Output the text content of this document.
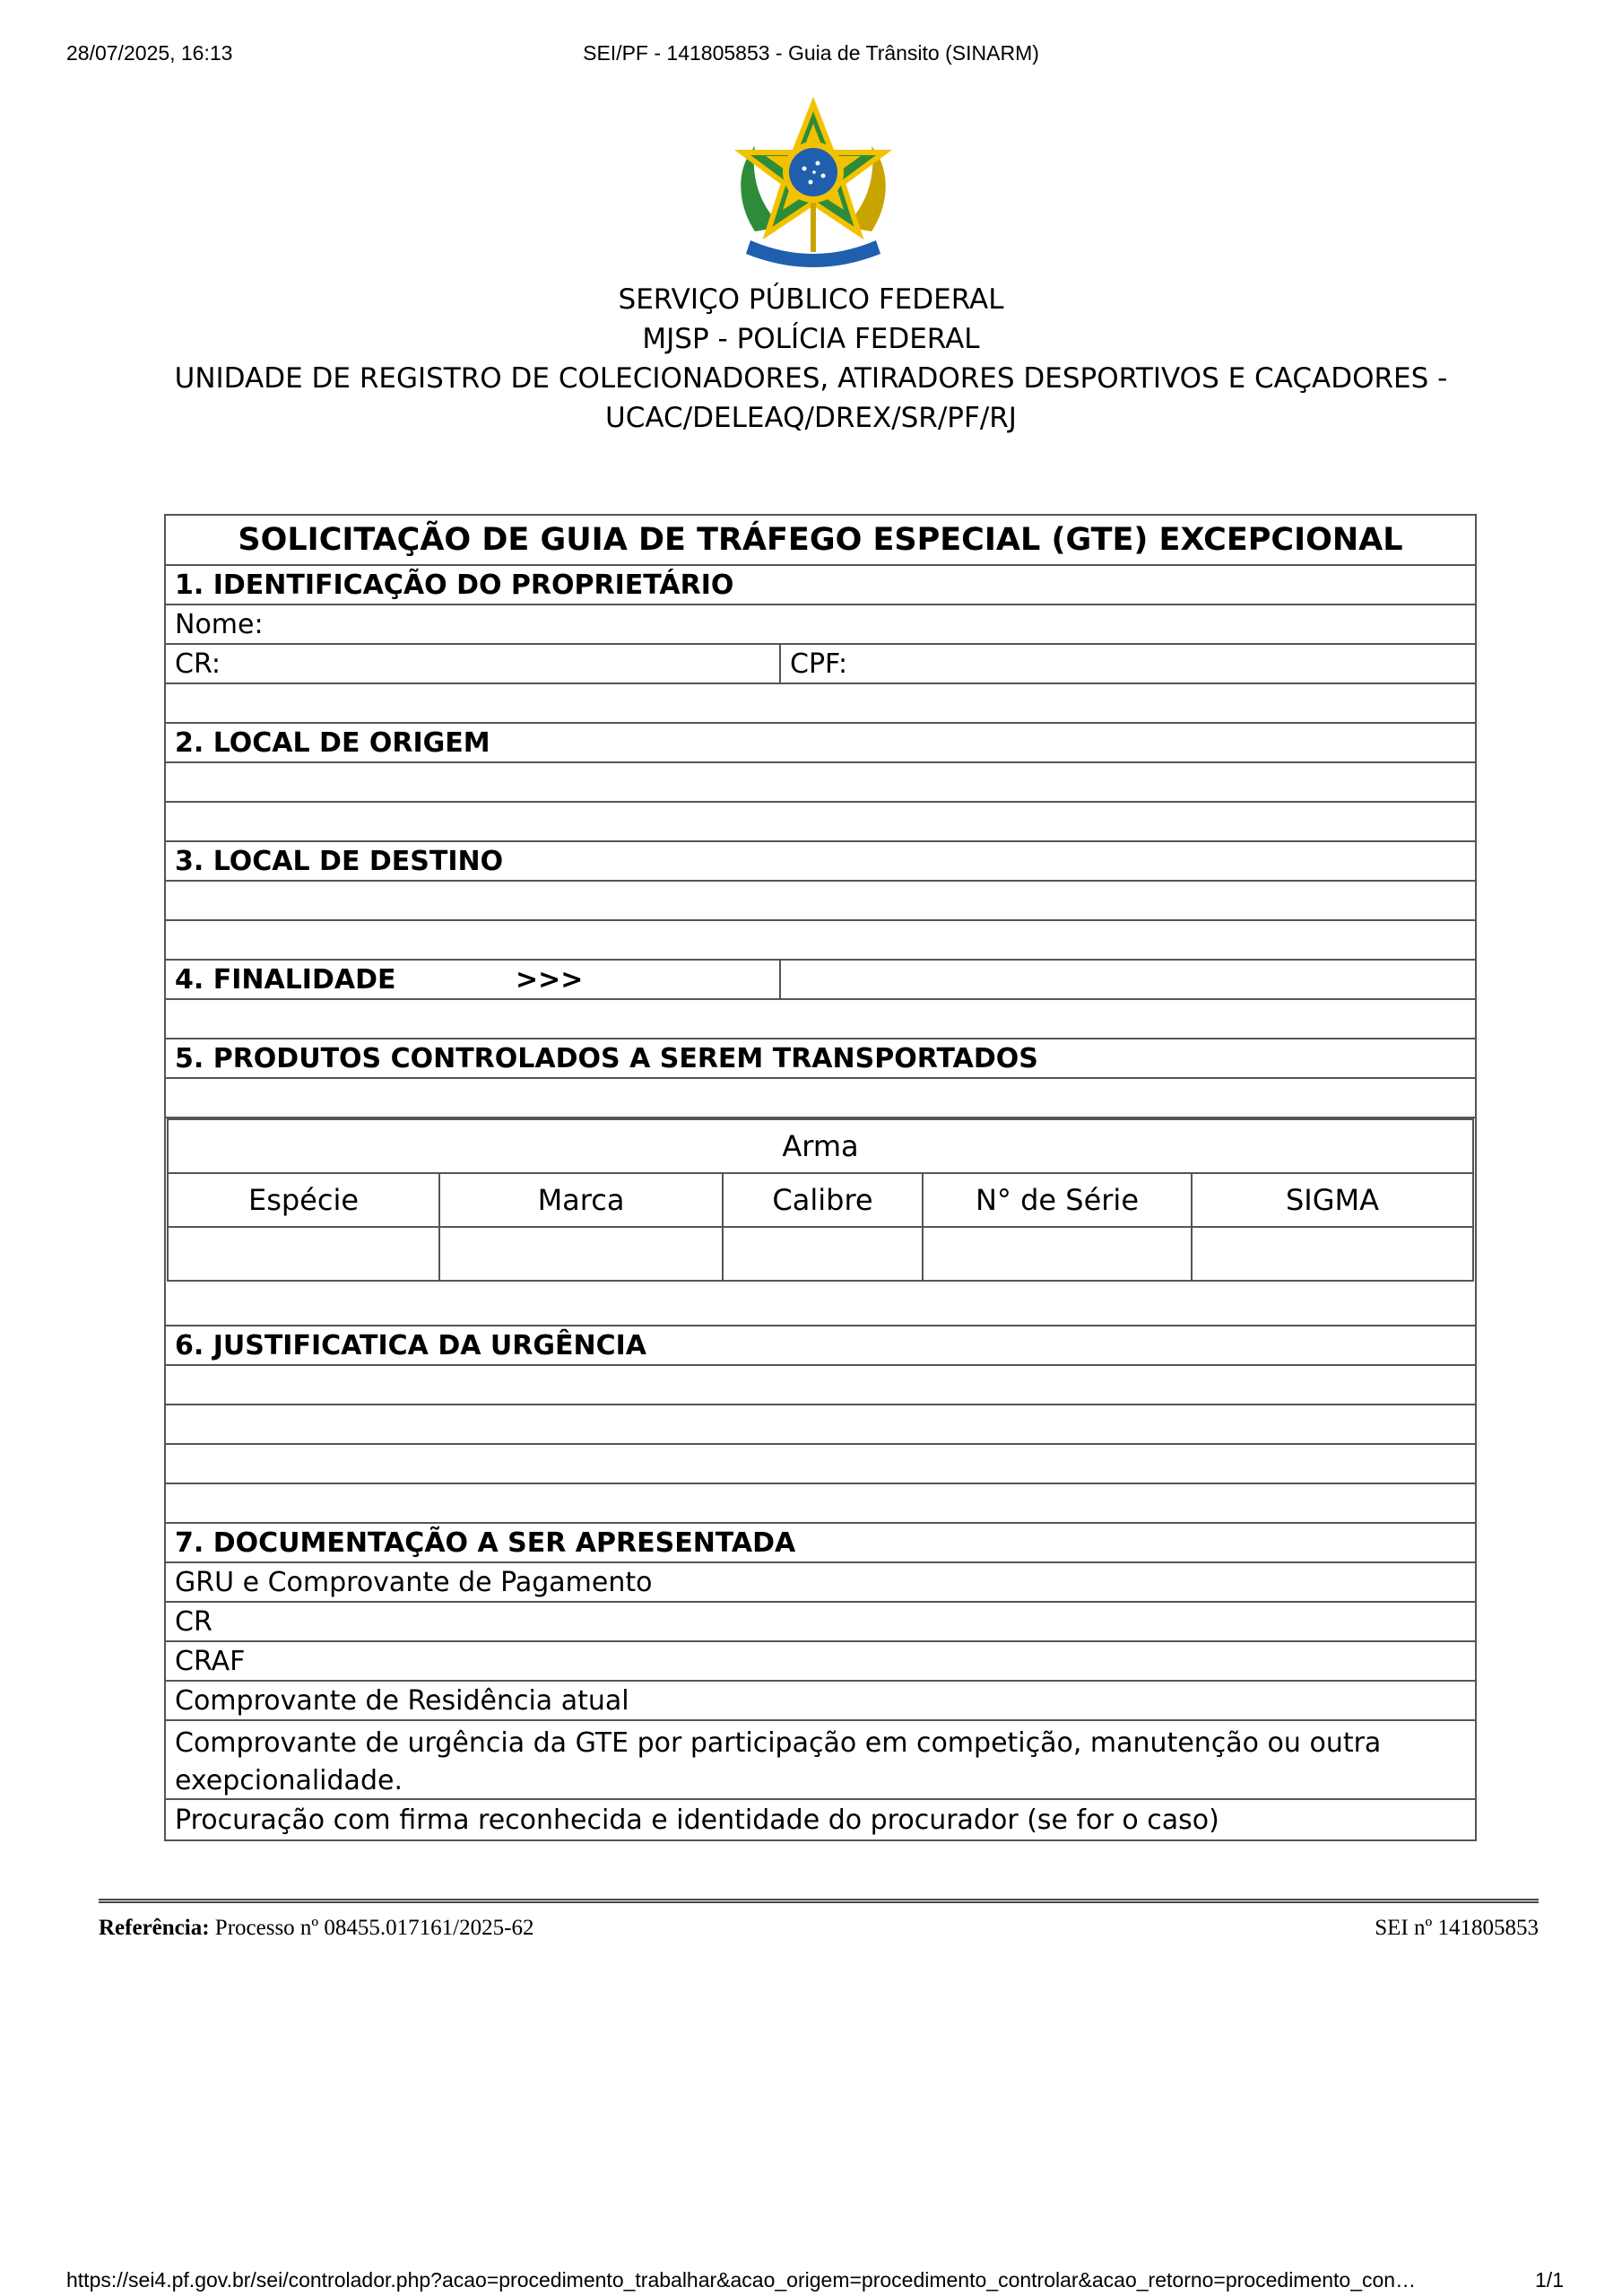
28/07/2025, 16:13	SEI/PF - 141805853 - Guia de Trânsito (SINARM)
SERVIÇO PÚBLICO FEDERAL
MJSP - POLÍCIA FEDERAL
UNIDADE DE REGISTRO DE COLECIONADORES, ATIRADORES DESPORTIVOS E CAÇADORES -
UCAC/DELEAQ/DREX/SR/PF/RJ
SOLICITAÇÃO DE GUIA DE TRÁFEGO ESPECIAL (GTE) EXCEPCIONAL
1. IDENTIFICAÇÃO DO PROPRIETÁRIO
Nome:
CR:	CPF:
2. LOCAL DE ORIGEM
3. LOCAL DE DESTINO
4. FINALIDADE	>>>
5. PRODUTOS CONTROLADOS A SEREM TRANSPORTADOS
Arma				
Espécie	Marca	Calibre	N° de Série	SIGMA

6. JUSTIFICATICA DA URGÊNCIA
7. DOCUMENTAÇÃO A SER APRESENTADA
GRU e Comprovante de Pagamento
CR
CRAF
Comprovante de Residência atual
Comprovante de urgência da GTE por participação em competição, manutenção ou outra exepcionalidade.
Procuração com firma reconhecida e identidade do procurador (se for o caso)
Referência: Processo nº 08455.017161/2025-62	SEI nº 141805853
https://sei4.pf.gov.br/sei/controlador.php?acao=procedimento_trabalhar&acao_origem=procedimento_controlar&acao_retorno=procedimento_con…	1/1
